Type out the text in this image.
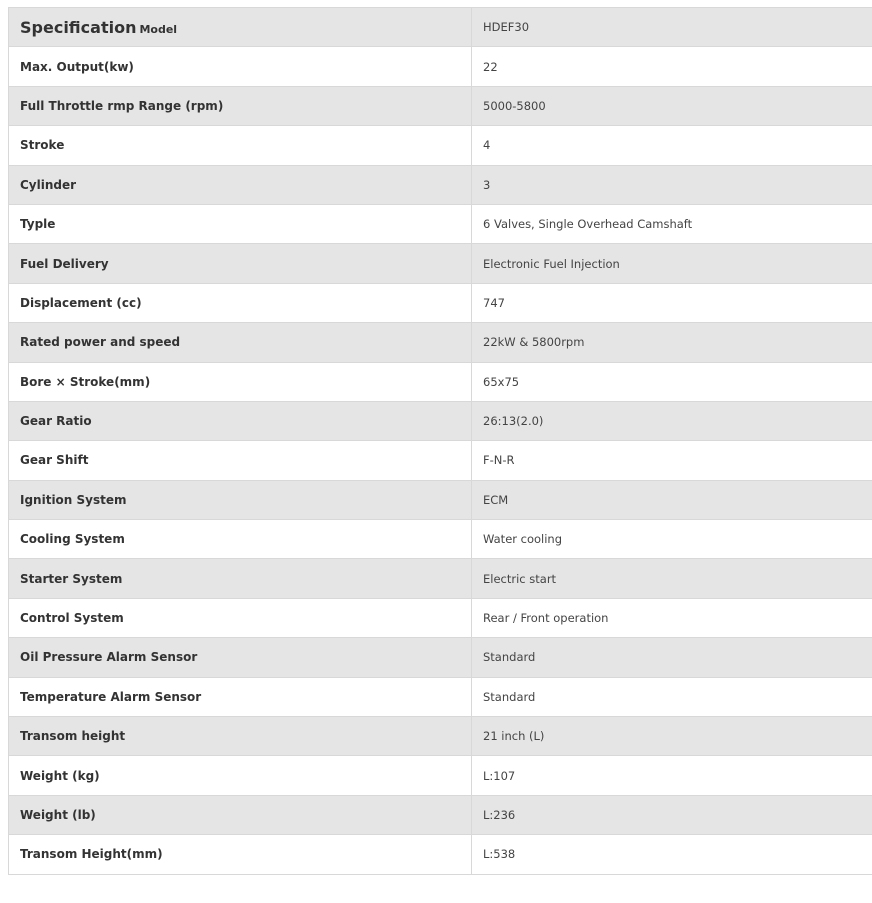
Specification Model	HDEF30
Max. Output(kw)	22
Full Throttle rmp Range (rpm)	5000-5800
Stroke	4
Cylinder	3
Typle	6 Valves, Single Overhead Camshaft
Fuel Delivery	Electronic Fuel Injection
Displacement (cc)	747
Rated power and speed	22kW & 5800rpm
Bore × Stroke(mm)	65x75
Gear Ratio	26:13(2.0)
Gear Shift	F-N-R
Ignition System	ECM
Cooling System	Water cooling
Starter System	Electric start
Control System	Rear / Front operation
Oil Pressure Alarm Sensor	Standard
Temperature Alarm Sensor	Standard
Transom height	21 inch (L)
Weight (kg)	L:107
Weight (lb)	L:236
Transom Height(mm)	L:538
